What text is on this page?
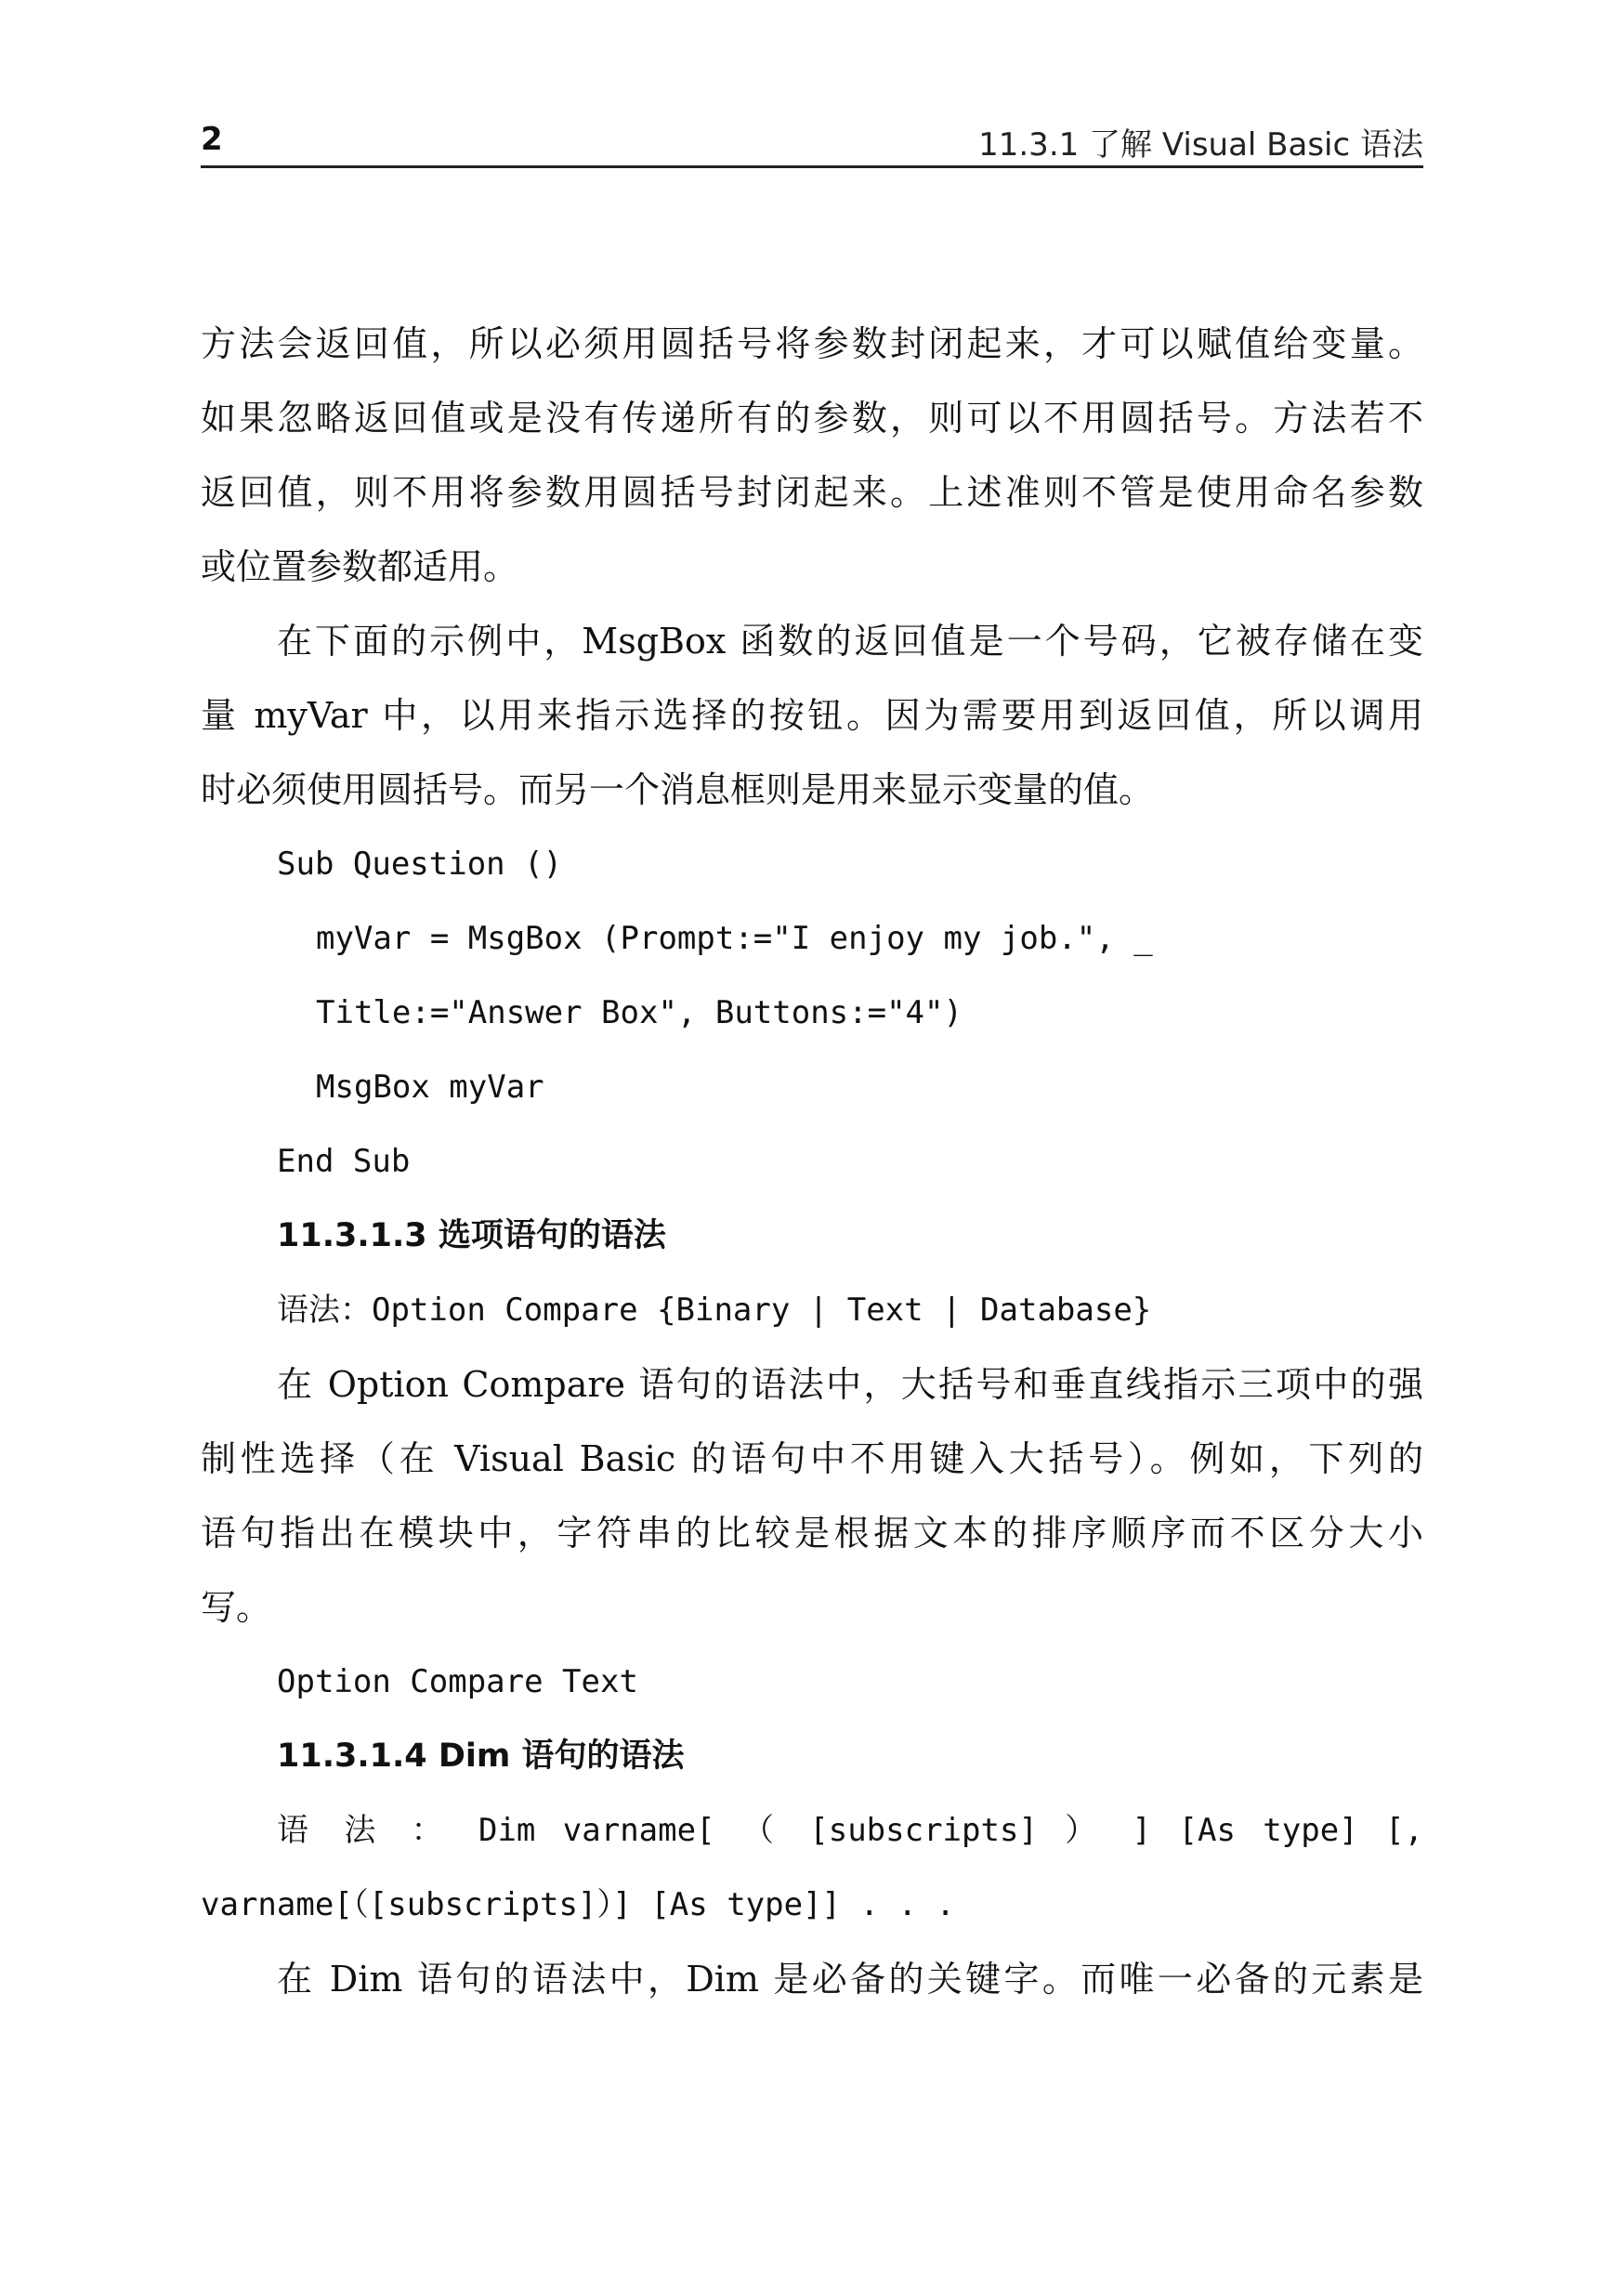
2	11.3.1 了解 Visual Basic 语法
方法会返回值，所以必须用圆括号将参数封闭起来，才可以赋值给变量。
如果忽略返回值或是没有传递所有的参数，则可以不用圆括号。方法若不
返回值，则不用将参数用圆括号封闭起来。上述准则不管是使用命名参数
或位置参数都适用。
在下面的示例中，MsgBox 函数的返回值是一个号码，它被存储在变
量 myVar 中，以用来指示选择的按钮。因为需要用到返回值，所以调用
时必须使用圆括号。而另一个消息框则是用来显示变量的值。
Sub Question ()
myVar = MsgBox (Prompt:="I enjoy my job.", _
Title:="Answer Box", Buttons:="4")
MsgBox myVar
End Sub
11.3.1.3 选项语句的语法
语法：Option Compare {Binary | Text | Database}
在 Option Compare 语句的语法中，大括号和垂直线指示三项中的强
制性选择（在 Visual Basic 的语句中不用键入大括号）。例如，下列的
语句指出在模块中，字符串的比较是根据文本的排序顺序而不区分大小
写。
Option Compare Text
11.3.1.4 Dim 语句的语法
语 法 ： Dim varname[ （ [subscripts] ） ] [As type] [,
varname[（[subscripts]）] [As type]] . . .
在 Dim 语句的语法中，Dim 是必备的关键字。而唯一必备的元素是
